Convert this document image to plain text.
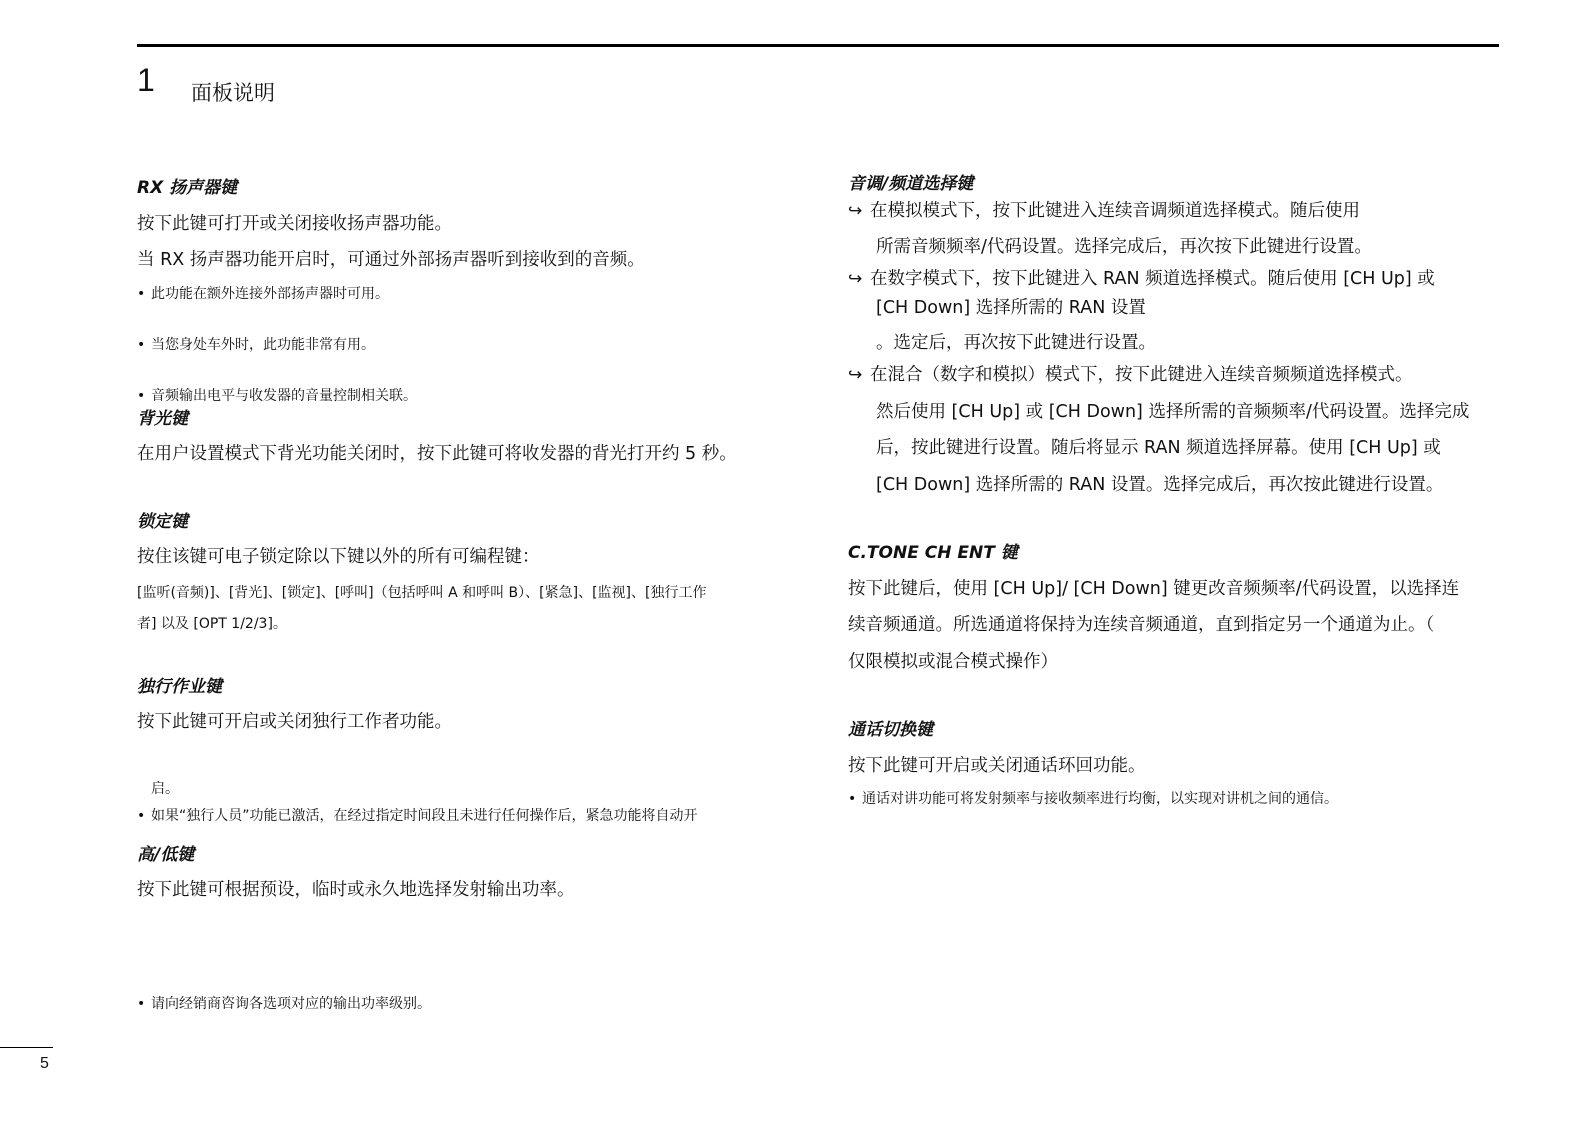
1 面板说明
RX 扬声器键
按下此键可打开或关闭接收扬声器功能。
当 RX 扬声器功能开启时，可通过外部扬声器听到接收到的音频。
• 此功能在额外连接外部扬声器时可用。
• 当您身处车外时，此功能非常有用。
• 音频输出电平与收发器的音量控制相关联。
背光键
在用户设置模式下背光功能关闭时，按下此键可将收发器的背光打开约 5 秒。
锁定键
按住该键可电子锁定除以下键以外的所有可编程键：
[监听(音频)]、[背光]、[锁定]、[呼叫]（包括呼叫 A 和呼叫 B）、[紧急]、[监视]、[独行工作
者] 以及 [OPT 1/2/3]。
独行作业键
按下此键可开启或关闭独行工作者功能。
• 如果“独行人员”功能已激活，在经过指定时间段且未进行任何操作后，紧急功能将自动开
启。
高/低键
按下此键可根据预设，临时或永久地选择发射输出功率。
• 请向经销商咨询各选项对应的输出功率级别。
音调/频道选择键
↪ 在模拟模式下，按下此键进入连续音调频道选择模式。随后使用
所需音频频率/代码设置。选择完成后，再次按下此键进行设置。
↪ 在数字模式下，按下此键进入 RAN 频道选择模式。随后使用 [CH Up] 或
[CH Down] 选择所需的 RAN 设置
。选定后，再次按下此键进行设置。
↪ 在混合（数字和模拟）模式下，按下此键进入连续音频频道选择模式。
然后使用 [CH Up] 或 [CH Down] 选择所需的音频频率/代码设置。选择完成
后，按此键进行设置。随后将显示 RAN 频道选择屏幕。使用 [CH Up] 或
[CH Down] 选择所需的 RAN 设置。选择完成后，再次按此键进行设置。
C.TONE CH ENT 键
按下此键后，使用 [CH Up]/ [CH Down] 键更改音频频率/代码设置，以选择连
续音频通道。所选通道将保持为连续音频通道，直到指定另一个通道为止。（
仅限模拟或混合模式操作）
通话切换键
按下此键可开启或关闭通话环回功能。
• 通话对讲功能可将发射频率与接收频率进行均衡，以实现对讲机之间的通信。
5
